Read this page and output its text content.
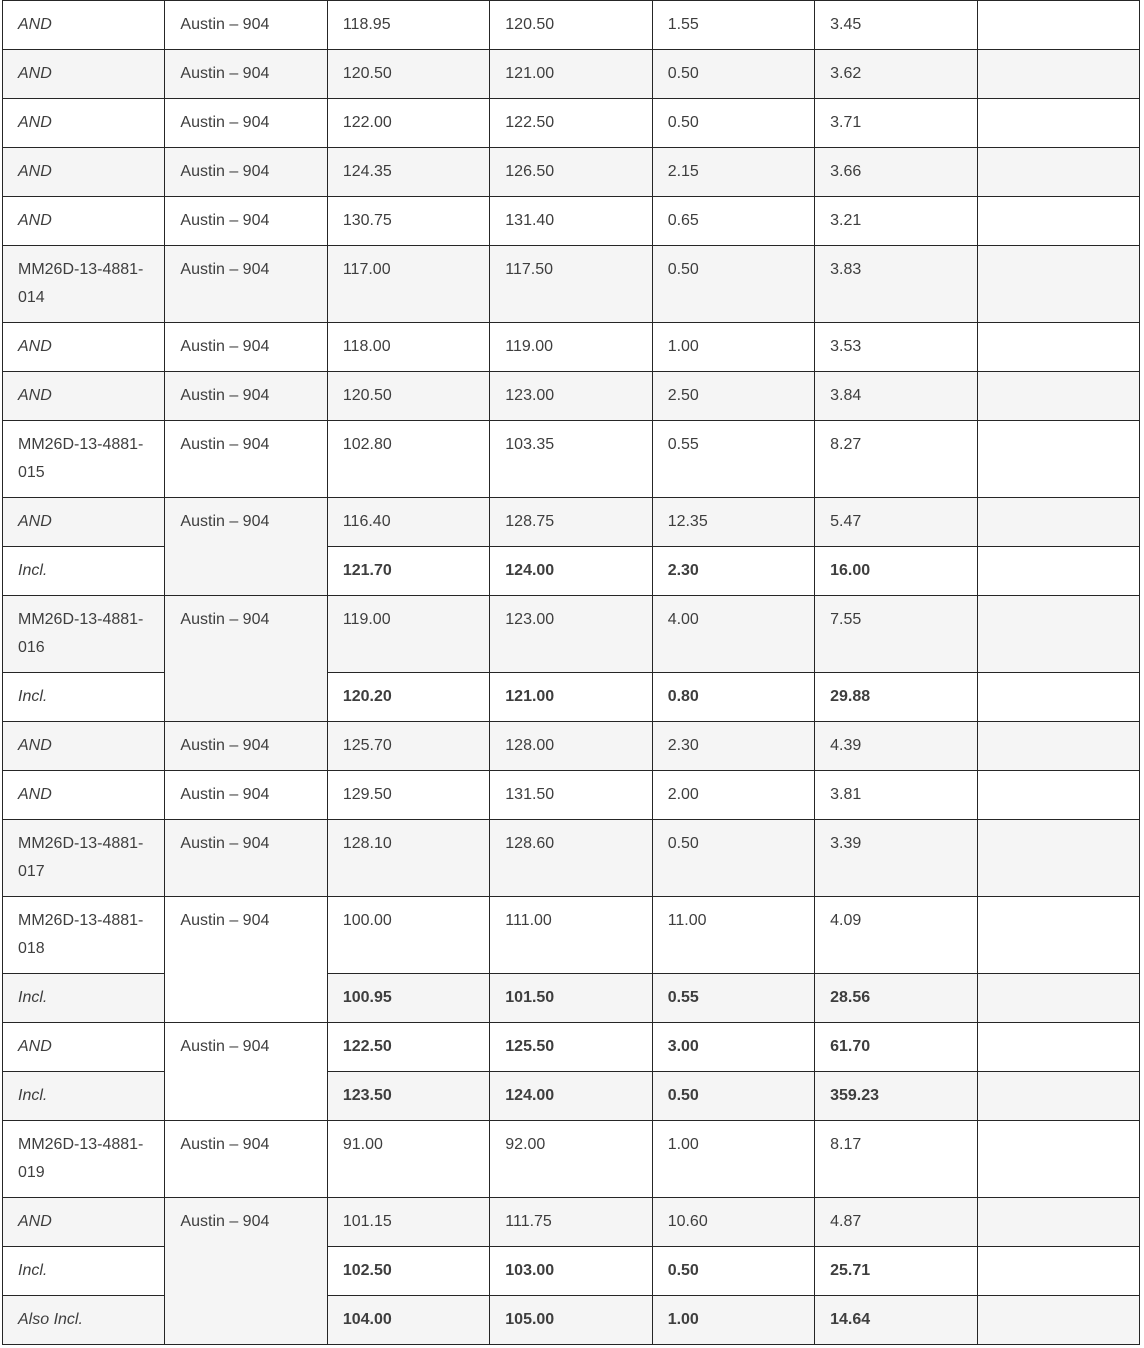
AND	Austin – 904	118.95	120.50	1.55	3.45	
AND	Austin – 904	120.50	121.00	0.50	3.62	
AND	Austin – 904	122.00	122.50	0.50	3.71	
AND	Austin – 904	124.35	126.50	2.15	3.66	
AND	Austin – 904	130.75	131.40	0.65	3.21	
MM26D-13-4881-014	Austin – 904	117.00	117.50	0.50	3.83	
AND	Austin – 904	118.00	119.00	1.00	3.53	
AND	Austin – 904	120.50	123.00	2.50	3.84	
MM26D-13-4881-015	Austin – 904	102.80	103.35	0.55	8.27	
AND	Austin – 904	116.40	128.75	12.35	5.47	
Incl.		121.70	124.00	2.30	16.00	
MM26D-13-4881-016	Austin – 904	119.00	123.00	4.00	7.55	
Incl.		120.20	121.00	0.80	29.88	
AND	Austin – 904	125.70	128.00	2.30	4.39	
AND	Austin – 904	129.50	131.50	2.00	3.81	
MM26D-13-4881-017	Austin – 904	128.10	128.60	0.50	3.39	
MM26D-13-4881-018	Austin – 904	100.00	111.00	11.00	4.09	
Incl.		100.95	101.50	0.55	28.56	
AND	Austin – 904	122.50	125.50	3.00	61.70	
Incl.		123.50	124.00	0.50	359.23	
MM26D-13-4881-019	Austin – 904	91.00	92.00	1.00	8.17	
AND	Austin – 904	101.15	111.75	10.60	4.87	
Incl.		102.50	103.00	0.50	25.71	
Also Incl.		104.00	105.00	1.00	14.64	
